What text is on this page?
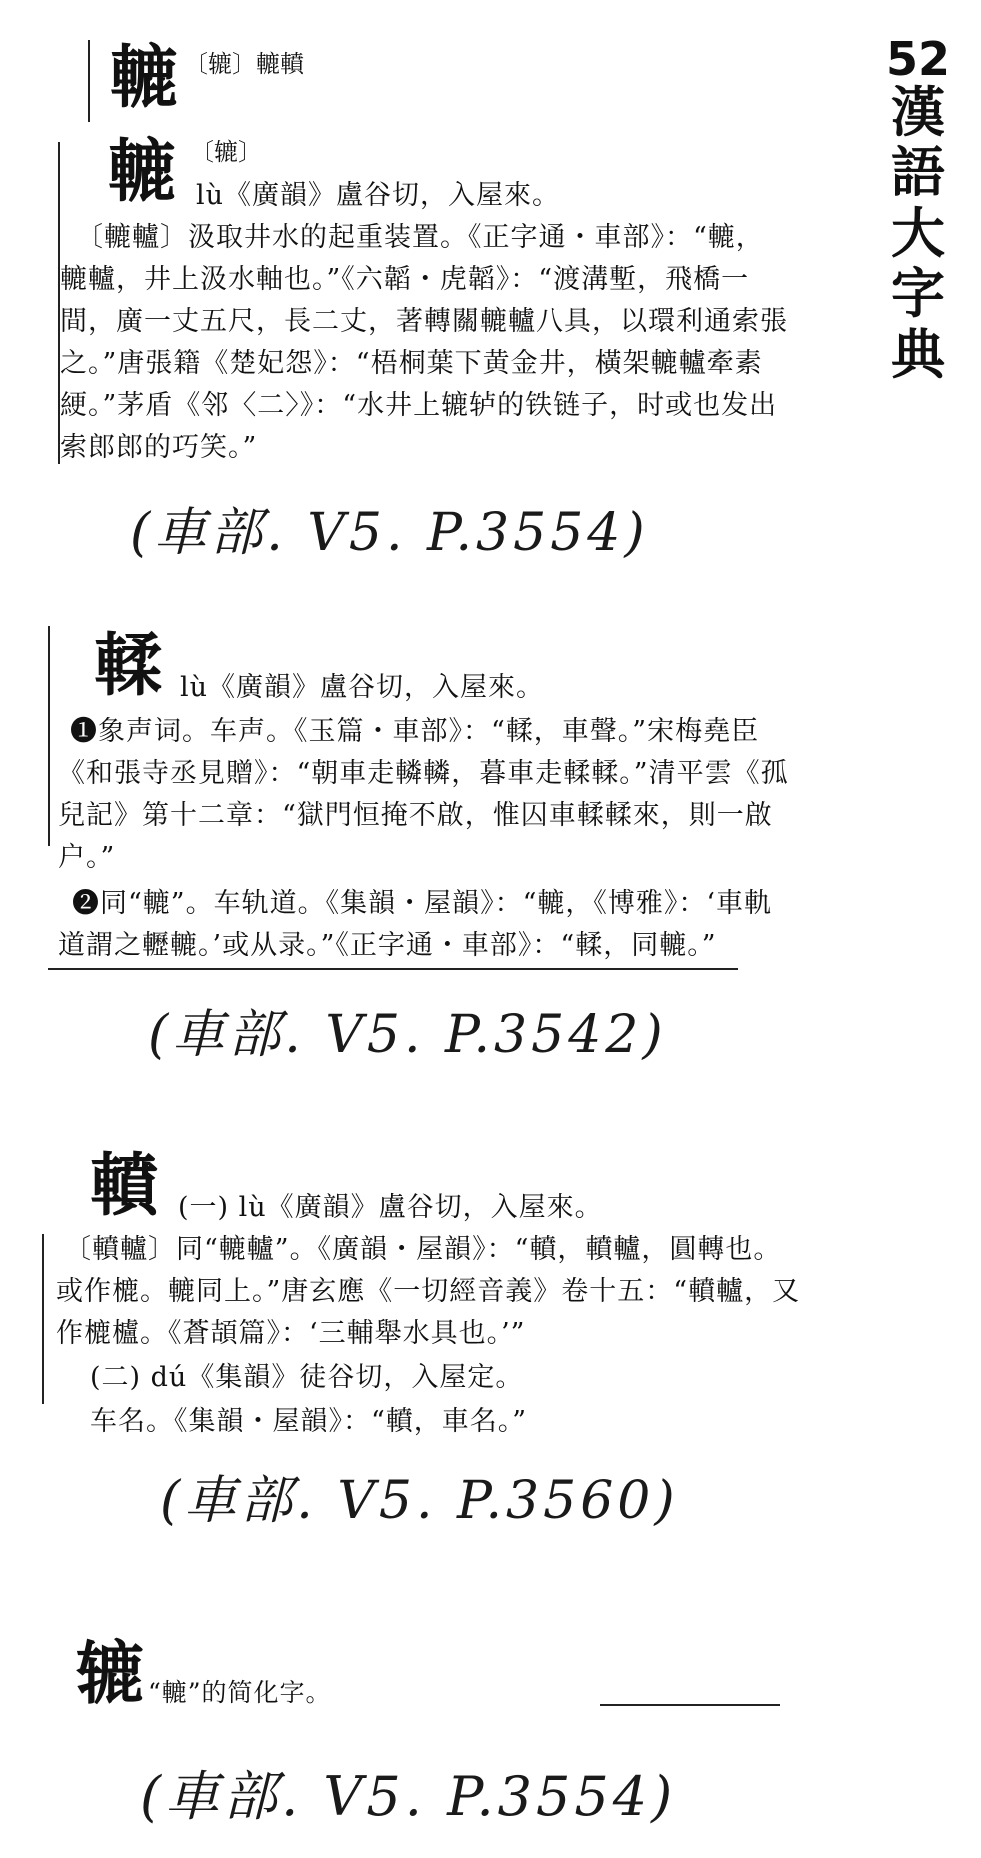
52
漢
語
大
字
典
轆 〔辘〕轆轒
轆 〔辘〕
lù《廣韻》盧谷切，入屋來。
〔轆轤〕汲取井水的起重装置。《正字通・車部》：“轆，
轆轤，井上汲水軸也。”《六韜・虎韜》：“渡溝塹，飛橋一
間，廣一丈五尺，長二丈，著轉關轆轤八具，以環利通索張
之。”唐張籍《楚妃怨》：“梧桐葉下黄金井，橫架轆轤牽素
綆。”茅盾《邻〈二〉》：“水井上辘轳的铁链子，时或也发出
索郎郎的巧笑。”
(車部. V5. P.3554)
輮 lù《廣韻》盧谷切，入屋來。
❶象声词。车声。《玉篇・車部》：“輮，車聲。”宋梅堯臣
《和張寺丞見贈》：“朝車走轔轔，暮車走輮輮。”清平雲《孤
兒記》第十二章：“獄門恒掩不啟，惟囚車輮輮來，則一啟
户。”
❷同“轆”。车轨道。《集韻・屋韻》：“轆，《博雅》：‘車軌
道謂之轣轆。’或从录。”《正字通・車部》：“輮，同轆。”
(車部. V5. P.3542)
轒 (一) lù《廣韻》盧谷切，入屋來。
〔轒轤〕同“轆轤”。《廣韻・屋韻》：“轒，轒轤，圓轉也。
或作樚。轆同上。”唐玄應《一切經音義》卷十五：“轒轤，又
作樚櫨。《蒼頡篇》：‘三輔舉水具也。’”
(二) dú《集韻》徒谷切，入屋定。
车名。《集韻・屋韻》：“轒，車名。”
(車部. V5. P.3560)
辘 “轆”的简化字。
(車部. V5. P.3554)
